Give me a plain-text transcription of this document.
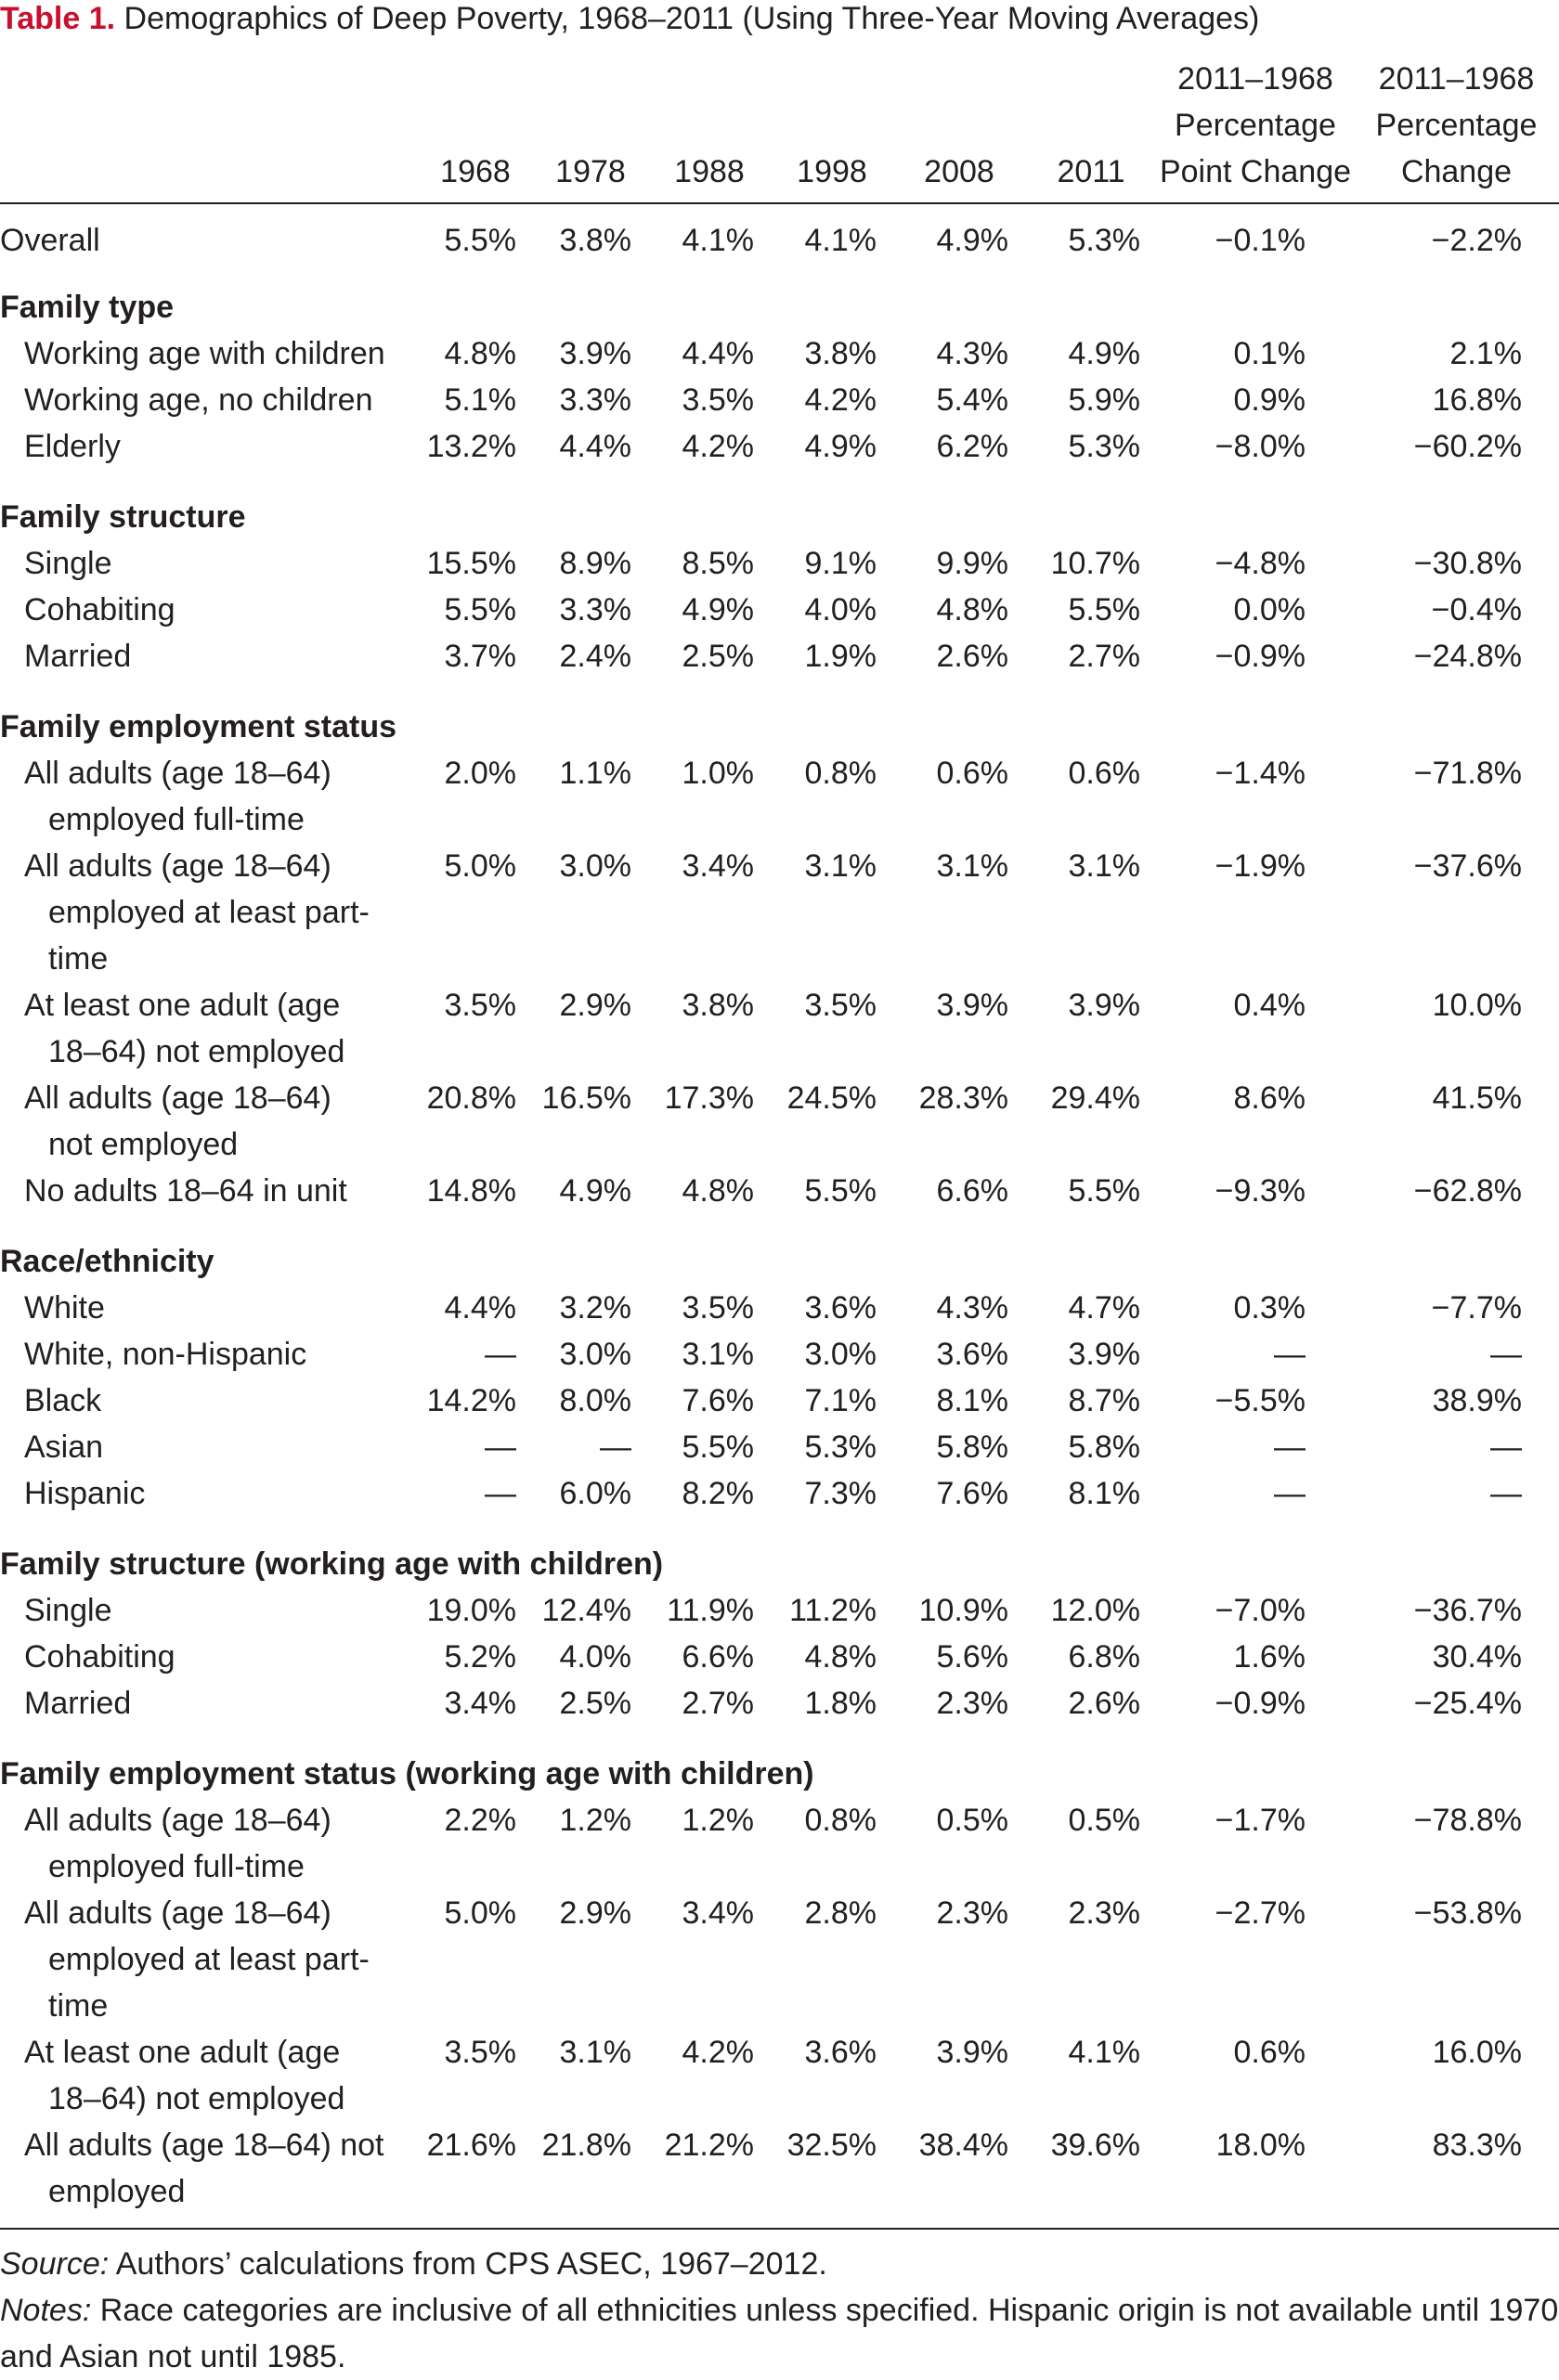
Table 1. Demographics of Deep Poverty, 1968–2011 (Using Three-Year Moving Averages)
	1968	1978	1988	1998	2008	2011	2011–1968 Percentage Point Change	2011–1968 Percentage Change
Overall	5.5%	3.8%	4.1%	4.1%	4.9%	5.3%	−0.1%	−2.2%
Family type								
Working age with children	4.8%	3.9%	4.4%	3.8%	4.3%	4.9%	0.1%	2.1%
Working age, no children	5.1%	3.3%	3.5%	4.2%	5.4%	5.9%	0.9%	16.8%
Elderly	13.2%	4.4%	4.2%	4.9%	6.2%	5.3%	−8.0%	−60.2%
Family structure								
Single	15.5%	8.9%	8.5%	9.1%	9.9%	10.7%	−4.8%	−30.8%
Cohabiting	5.5%	3.3%	4.9%	4.0%	4.8%	5.5%	0.0%	−0.4%
Married	3.7%	2.4%	2.5%	1.9%	2.6%	2.7%	−0.9%	−24.8%
Family employment status								
All adults (age 18–64)
employed full-time	2.0%	1.1%	1.0%	0.8%	0.6%	0.6%	−1.4%	−71.8%
All adults (age 18–64)
employed at least part-time	5.0%	3.0%	3.4%	3.1%	3.1%	3.1%	−1.9%	−37.6%
At least one adult (age
18–64) not employed	3.5%	2.9%	3.8%	3.5%	3.9%	3.9%	0.4%	10.0%
All adults (age 18–64)
not employed	20.8%	16.5%	17.3%	24.5%	28.3%	29.4%	8.6%	41.5%
No adults 18–64 in unit	14.8%	4.9%	4.8%	5.5%	6.6%	5.5%	−9.3%	−62.8%
Race/ethnicity								
White	4.4%	3.2%	3.5%	3.6%	4.3%	4.7%	0.3%	−7.7%
White, non-Hispanic	—	3.0%	3.1%	3.0%	3.6%	3.9%	—	—
Black	14.2%	8.0%	7.6%	7.1%	8.1%	8.7%	−5.5%	38.9%
Asian	—	—	5.5%	5.3%	5.8%	5.8%	—	—
Hispanic	—	6.0%	8.2%	7.3%	7.6%	8.1%	—	—
Family structure (working age with children)								
Single	19.0%	12.4%	11.9%	11.2%	10.9%	12.0%	−7.0%	−36.7%
Cohabiting	5.2%	4.0%	6.6%	4.8%	5.6%	6.8%	1.6%	30.4%
Married	3.4%	2.5%	2.7%	1.8%	2.3%	2.6%	−0.9%	−25.4%
Family employment status (working age with children)								
All adults (age 18–64)
employed full-time	2.2%	1.2%	1.2%	0.8%	0.5%	0.5%	−1.7%	−78.8%
All adults (age 18–64)
employed at least part-time	5.0%	2.9%	3.4%	2.8%	2.3%	2.3%	−2.7%	−53.8%
At least one adult (age
18–64) not employed	3.5%	3.1%	4.2%	3.6%	3.9%	4.1%	0.6%	16.0%
All adults (age 18–64) not
employed	21.6%	21.8%	21.2%	32.5%	38.4%	39.6%	18.0%	83.3%

Source: Authors’ calculations from CPS ASEC, 1967–2012.
Notes: Race categories are inclusive of all ethnicities unless specified. Hispanic origin is not available until 1970 and Asian not until 1985.								
